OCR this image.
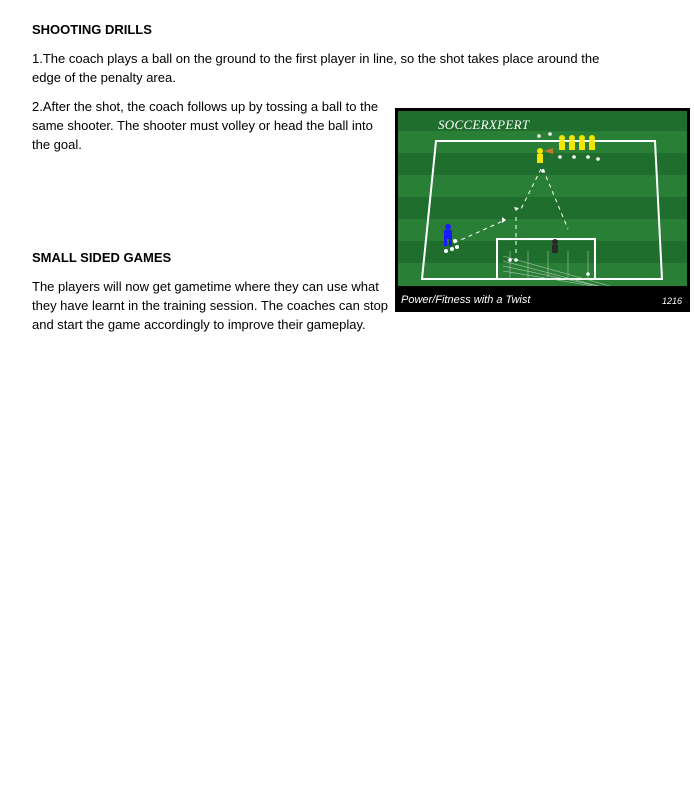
SHOOTING DRILLS

1.The coach plays a ball on the ground to the first player in line, so the shot takes place around the edge of the penalty area.

2.After the shot, the coach follows up by tossing a ball to the same shooter. The shooter must volley or head the ball into the goal.

SMALL SIDED GAMES

The players will now get gametime where they can use what they have learnt in the training session. The coaches can stop and start the game accordingly to improve their gameplay.

SOCCERXPERT
Power/Fitness with a Twist	1216
